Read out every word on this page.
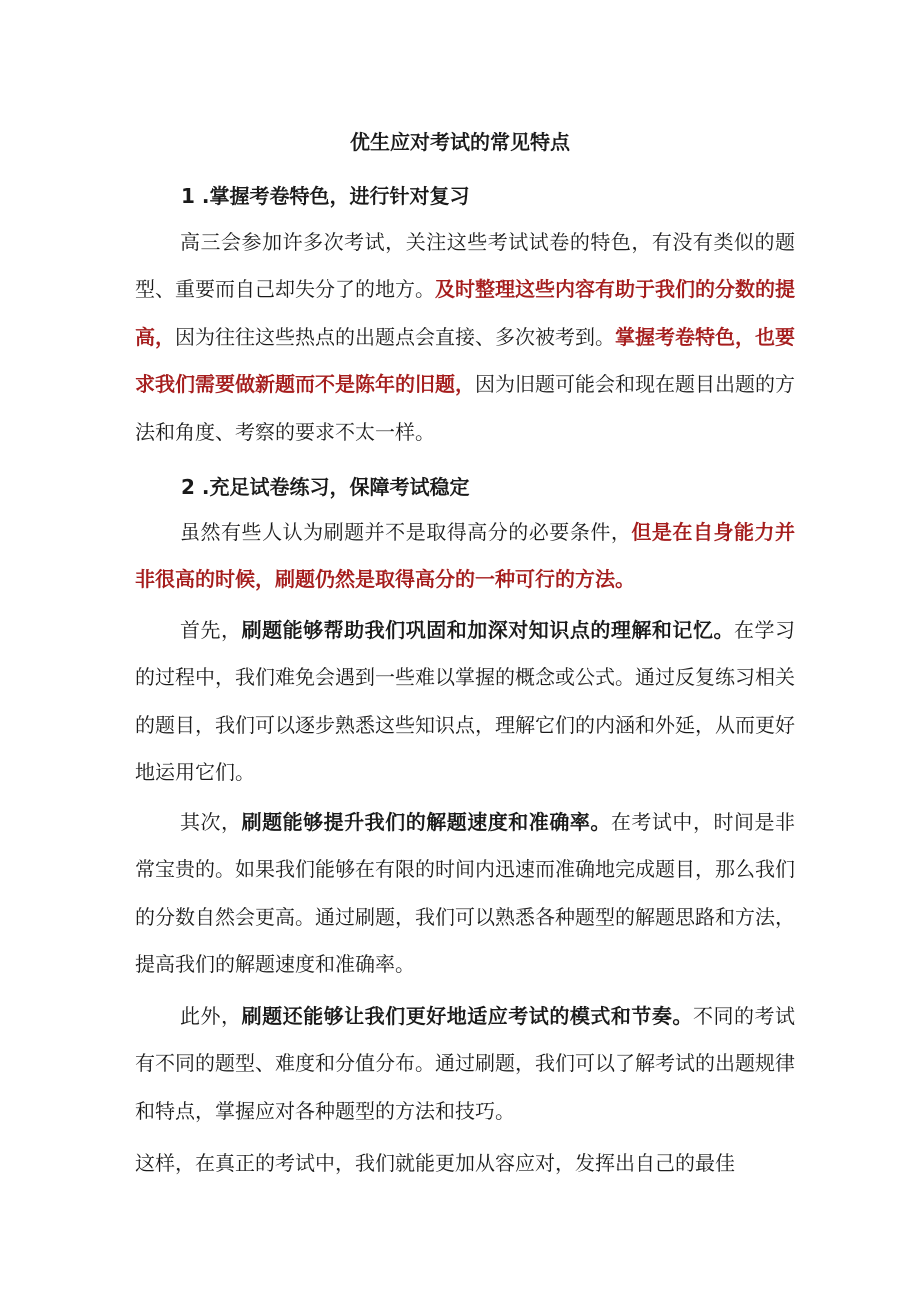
优生应对考试的常见特点
1 .掌握考卷特色，进行针对复习

高三会参加许多次考试，关注这些考试试卷的特色，有没有类似的题型、重要而自己却失分了的地方。及时整理这些内容有助于我们的分数的提高，因为往往这些热点的出题点会直接、多次被考到。掌握考卷特色，也要求我们需要做新题而不是陈年的旧题，因为旧题可能会和现在题目出题的方法和角度、考察的要求不太一样。

2 .充足试卷练习，保障考试稳定

虽然有些人认为刷题并不是取得高分的必要条件，但是在自身能力并非很高的时候，刷题仍然是取得高分的一种可行的方法。

首先，刷题能够帮助我们巩固和加深对知识点的理解和记忆。在学习的过程中，我们难免会遇到一些难以掌握的概念或公式。通过反复练习相关的题目，我们可以逐步熟悉这些知识点，理解它们的内涵和外延，从而更好地运用它们。

其次，刷题能够提升我们的解题速度和准确率。在考试中，时间是非常宝贵的。如果我们能够在有限的时间内迅速而准确地完成题目，那么我们的分数自然会更高。通过刷题，我们可以熟悉各种题型的解题思路和方法，提高我们的解题速度和准确率。

此外，刷题还能够让我们更好地适应考试的模式和节奏。不同的考试有不同的题型、难度和分值分布。通过刷题，我们可以了解考试的出题规律和特点，掌握应对各种题型的方法和技巧。

这样，在真正的考试中，我们就能更加从容应对，发挥出自己的最佳
